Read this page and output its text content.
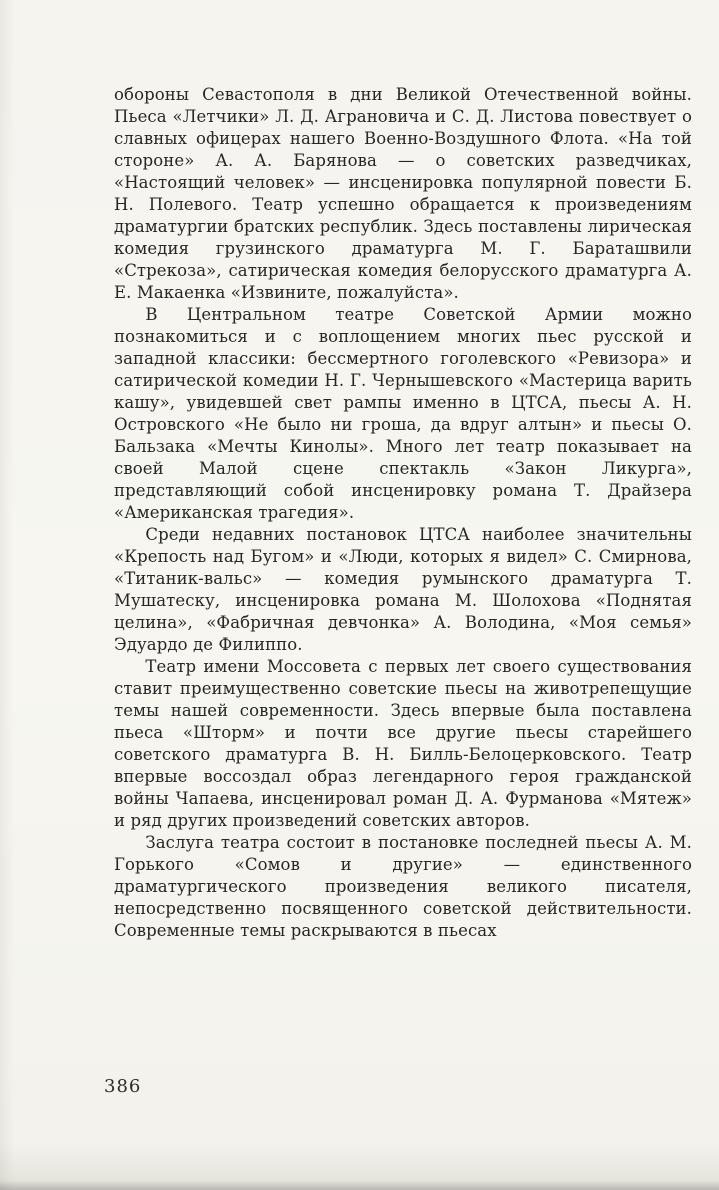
обороны Севастополя в дни Великой Отечественной войны. Пьеса «Летчики» Л. Д. Аграновича и С. Д. Листова повествует о славных офицерах нашего Военно-Воздушного Флота. «На той стороне» А. А. Барянова — о советских разведчиках, «Настоящий человек» — инсценировка популярной повести Б. Н. Полевого. Театр успешно обращается к произведениям драматургии братских республик. Здесь поставлены лирическая комедия грузинского драматурга М. Г. Бараташвили «Стрекоза», сатирическая комедия белорусского драматурга А. Е. Макаенка «Извините, пожалуйста».

В Центральном театре Советской Армии можно познакомиться и с воплощением многих пьес русской и западной классики: бессмертного гоголевского «Ревизора» и сатирической комедии Н. Г. Чернышевского «Мастерица варить кашу», увидевшей свет рампы именно в ЦТСА, пьесы А. Н. Островского «Не было ни гроша, да вдруг алтын» и пьесы О. Бальзака «Мечты Кинолы». Много лет театр показывает на своей Малой сцене спектакль «Закон Ликурга», представляющий собой инсценировку романа Т. Драйзера «Американская трагедия».

Среди недавних постановок ЦТСА наиболее значительны «Крепость над Бугом» и «Люди, которых я видел» С. Смирнова, «Титаник-вальс» — комедия румынского драматурга Т. Мушатеску, инсценировка романа М. Шолохова «Поднятая целина», «Фабричная девчонка» А. Володина, «Моя семья» Эдуардо де Филиппо.

Театр имени Моссовета с первых лет своего существования ставит преимущественно советские пьесы на животрепещущие темы нашей современности. Здесь впервые была поставлена пьеса «Шторм» и почти все другие пьесы старейшего советского драматурга В. Н. Билль-Белоцерковского. Театр впервые воссоздал образ легендарного героя гражданской войны Чапаева, инсценировал роман Д. А. Фурманова «Мятеж» и ряд других произведений советских авторов.

Заслуга театра состоит в постановке последней пьесы А. М. Горького «Сомов и другие» — единственного драматургического произведения великого писателя, непосредственно посвященного советской действительности. Современные темы раскрываются в пьесах

386
